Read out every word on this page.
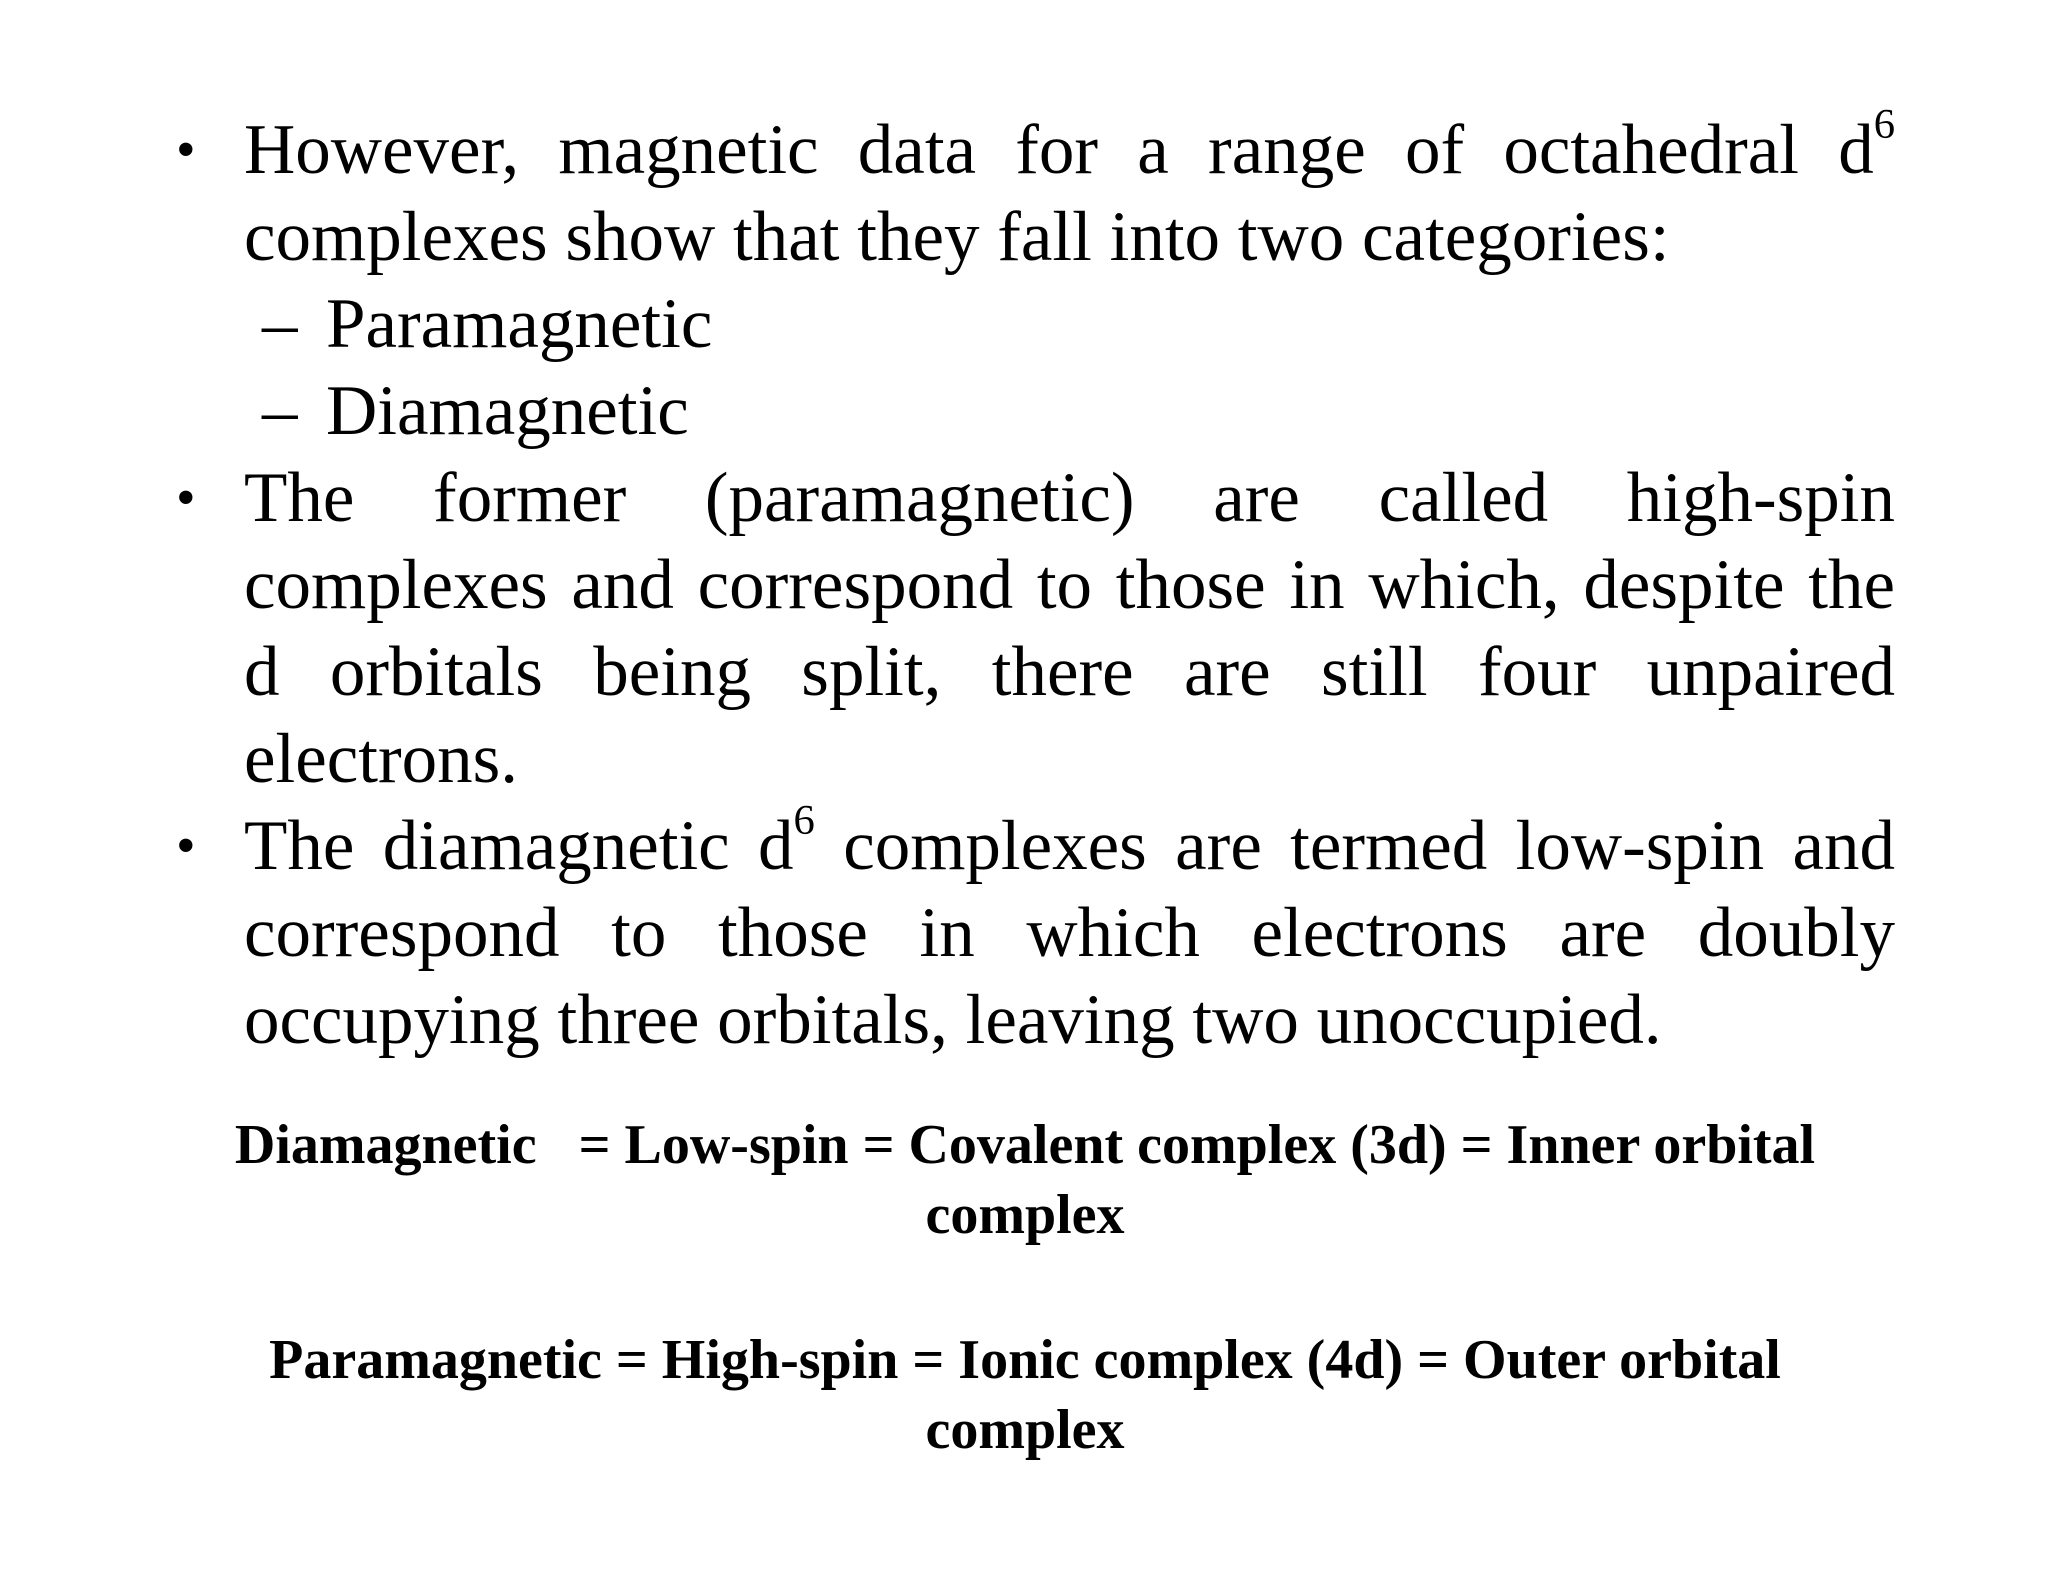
• However, magnetic data for a range of octahedral $d^6$
complexes show that they fall into two categories:
– Paramagnetic
– Diamagnetic
• The former (paramagnetic) are called high-spin complexes and correspond to those in which, despite the d orbitals being split, there are still four unpaired electrons.
• The diamagnetic $d^6$ complexes are termed low-spin and correspond to those in which electrons are doubly occupying three orbitals, leaving two unoccupied.
Diamagnetic   = Low-spin = Covalent complex (3d) = Inner orbital
complex
Paramagnetic = High-spin = Ionic complex (4d) = Outer orbital
complex
